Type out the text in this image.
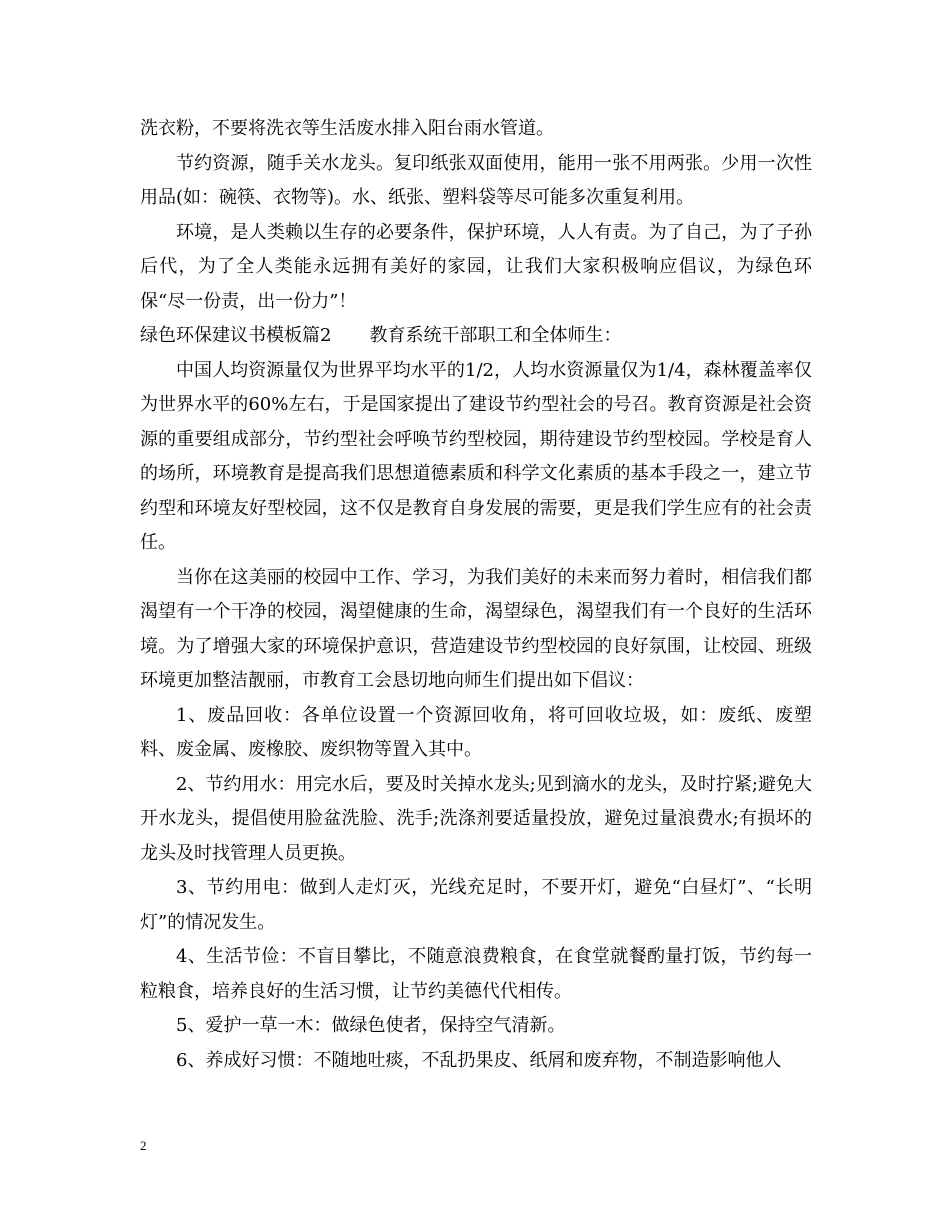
洗衣粉，不要将洗衣等生活废水排入阳台雨水管道。

节约资源，随手关水龙头。复印纸张双面使用，能用一张不用两张。少用一次性用品(如：碗筷、衣物等)。水、纸张、塑料袋等尽可能多次重复利用。

环境，是人类赖以生存的必要条件，保护环境，人人有责。为了自己，为了子孙后代，为了全人类能永远拥有美好的家园，让我们大家积极响应倡议，为绿色环保“尽一份责，出一份力”！

绿色环保建议书模板篇2 教育系统干部职工和全体师生：

中国人均资源量仅为世界平均水平的1/2，人均水资源量仅为1/4，森林覆盖率仅为世界水平的60%左右，于是国家提出了建设节约型社会的号召。教育资源是社会资源的重要组成部分，节约型社会呼唤节约型校园，期待建设节约型校园。学校是育人的场所，环境教育是提高我们思想道德素质和科学文化素质的基本手段之一，建立节约型和环境友好型校园，这不仅是教育自身发展的需要，更是我们学生应有的社会责任。

当你在这美丽的校园中工作、学习，为我们美好的未来而努力着时，相信我们都渴望有一个干净的校园，渴望健康的生命，渴望绿色，渴望我们有一个良好的生活环境。为了增强大家的环境保护意识，营造建设节约型校园的良好氛围，让校园、班级环境更加整洁靓丽，市教育工会恳切地向师生们提出如下倡议：

1、废品回收：各单位设置一个资源回收角，将可回收垃圾，如：废纸、废塑料、废金属、废橡胶、废织物等置入其中。

2、节约用水：用完水后，要及时关掉水龙头;见到滴水的龙头，及时拧紧;避免大开水龙头，提倡使用脸盆洗脸、洗手;洗涤剂要适量投放，避免过量浪费水;有损坏的龙头及时找管理人员更换。

3、节约用电：做到人走灯灭，光线充足时，不要开灯，避免“白昼灯”、“长明灯”的情况发生。

4、生活节俭：不盲目攀比，不随意浪费粮食，在食堂就餐酌量打饭，节约每一粒粮食，培养良好的生活习惯，让节约美德代代相传。

5、爱护一草一木：做绿色使者，保持空气清新。

6、养成好习惯：不随地吐痰，不乱扔果皮、纸屑和废弃物，不制造影响他人

2
